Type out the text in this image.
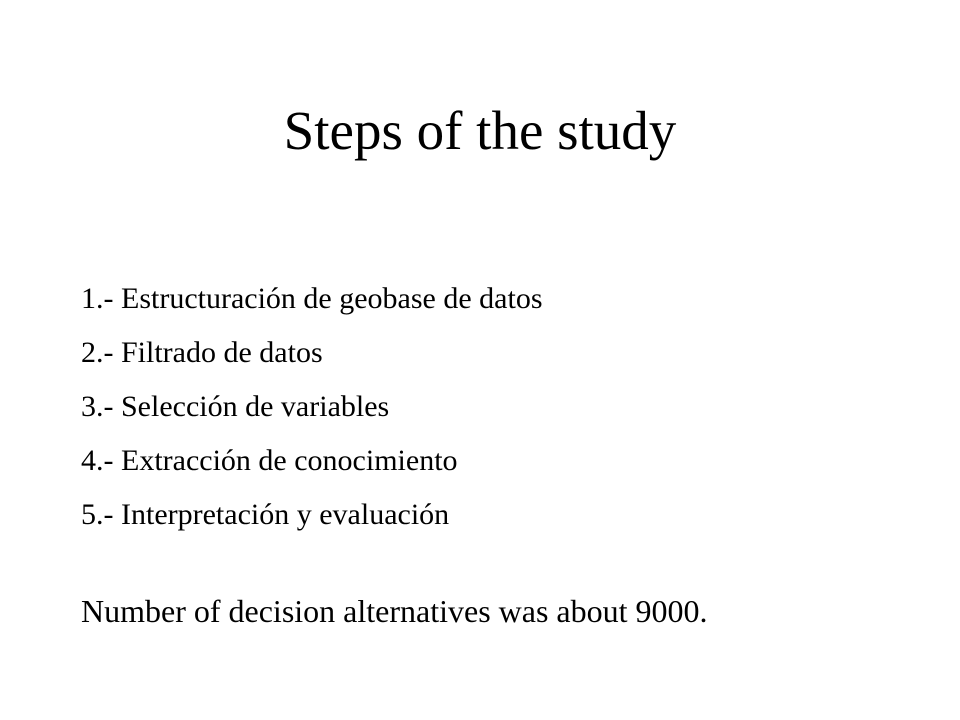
Steps of the study
1.- Estructuración de geobase de datos
2.- Filtrado de datos
3.- Selección de variables
4.- Extracción de conocimiento
5.- Interpretación y evaluación

Number of decision alternatives was about 9000.
